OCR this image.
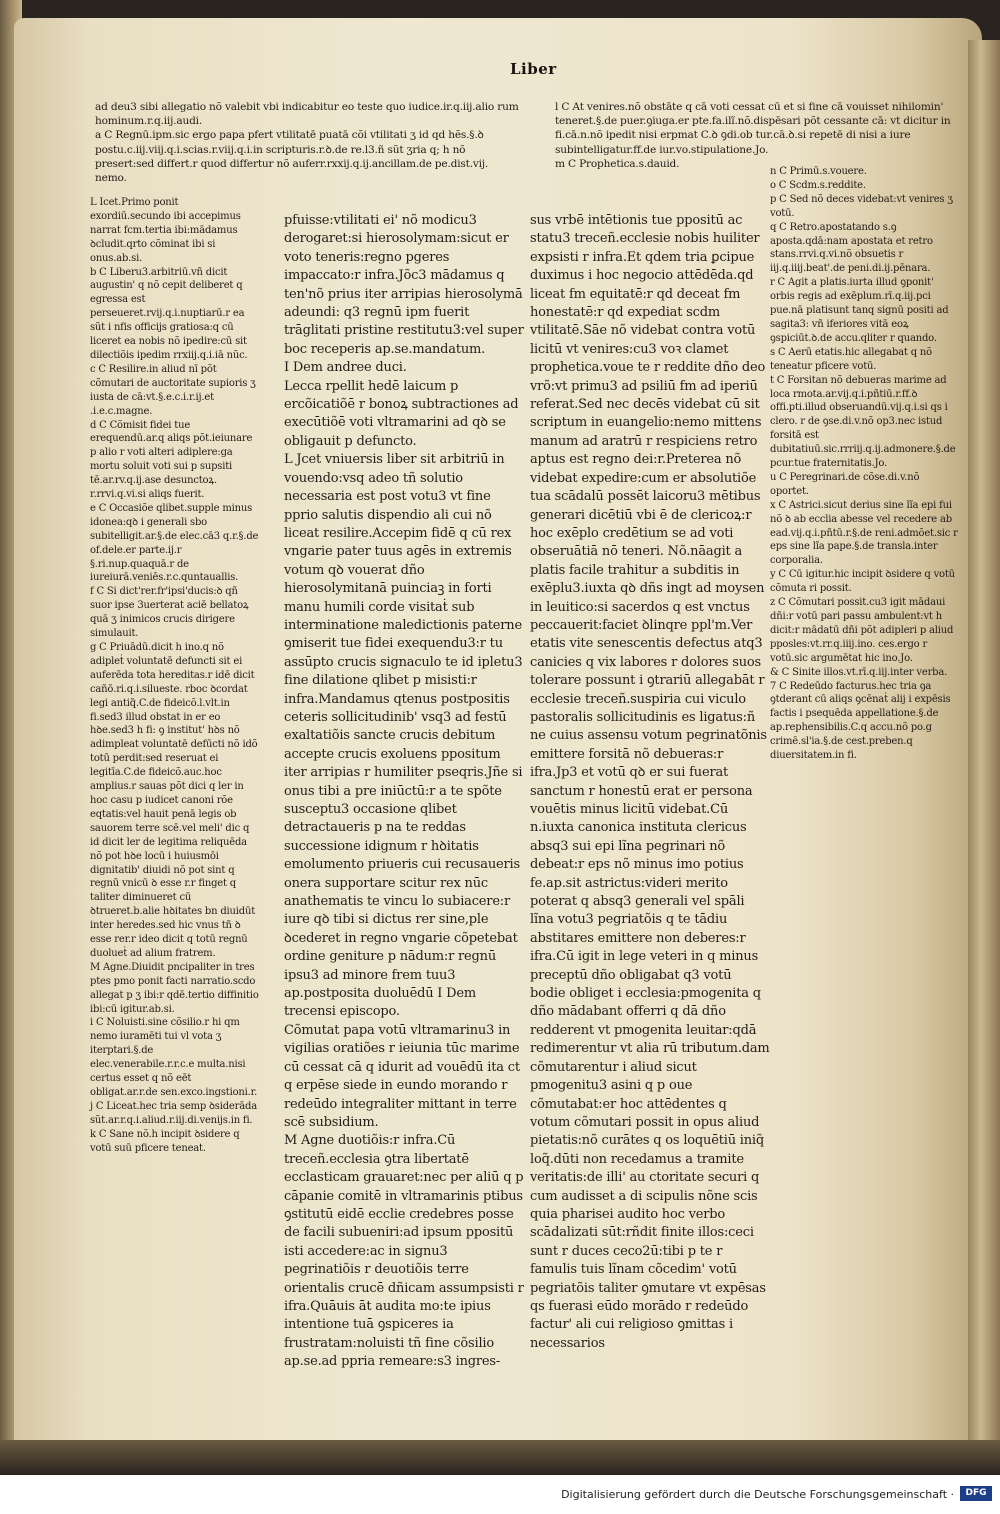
Liber
ad deu3 sibi allegatio nõ valebit vbi indicabitur eo teste quo iudice.ir.q.iij.alio rum hominum.r.q.iij.audi.
a C Regnū.ipm.sic ergo papa pfert vtilitatē puatā cõi vtilitati ʒ id qd hẽs.§.ꝺ postu.c.iij.viij.q.i.scias.r.viij.q.i.in scripturis.r.ꝺ.de re.l3.ñ sũt ʒria q; h nõ presert:sed differt.r quod differtur nõ auferr.rxxij.q.ij.ancillam.de pe.dist.vij. nemo.
L Icet.Primo ponit exordiū.secundo ibi accepimus narrat fcm.tertia ibi:mādamus ꝺcludit.qrto cõminat ibi si onus.ab.si.
b C Liberu3.arbitriū.vñ dicit augustin' q nõ cepit deliberet q egressa est perseueret.rvij.q.i.nuptiarū.r ea sũt i nfis officijs gratiosa:q cū liceret ea nobis nõ ipedire:cū sit dilectiõis ipedim rrxiij.q.i.iā nũc.
c C Resilire.in aliud nī põt cõmutari de auctoritate supioris ʒ iusta de cā:vt.§.e.c.i.r.ij.et .i.e.c.magne.
d C Cõmisit fidei tue erequendū.ar.q aliqs põt.ieiunare p alio r voti alteri adiplere:ga mortu soluit voti sui p supsiti tē.ar.rv.q.ij.ase desunctoꝝ. r.rrvi.q.vi.si aliqs fuerit.
e C Occasiõe qlibet.supple minus idonea:qꝺ i generali sbo subitelligit.ar.§.de elec.cā3 q.r.§.de of.dele.er parte.ij.r §.ri.nup.quaquā.r de iureiurā.veniēs.r.c.quntauallis.
f C Si dict'rer.fr'ipsi'ducis:ꝺ qñ suor ipse 3uerterat aciē bellatoꝝ quā ʒ inimicos crucis dirigere simulauit.
g C Priuādū.dicit h ino.q nõ adipleṫ voluntatē defuncti sit ei auferēda tota hereditas.r idē dicit cañō.ri.q.i.silueste. rboc ꝺcordat legi antiq̃.C.de fideicõ.l.vlt.in fi.sed3 illud obstat in er eo hꝺe.sed3 h fi: ꝯ institut' hꝺs nõ adimpleat voluntatē defūcti nõ idõ totū perdit:sed reseruat ei legitīa.C.de fideicõ.auc.hoc amplius.r sauas põt dici q ler in hoc casu p iudicet canoni rõe eqtatis:vel hauit penā legis ob sauorem terre scē.vel meli' dic q id dicit ler de legitima reliquēda nõ pot hꝺe locū i huiusmōi dignitatib' diuidi nõ pot sint q regnū vnicū ꝺ esse r.r finget q taliter diminueret cū ꝺtrueret.b.alie hꝺitates bn diuidūt inter heredes.sed hic vnus tñ ꝺ esse rer.r ideo dicit q totū regnū duolueṫ ad alium fratrem.
M Agne.Diuidit pncipaliter in tres ptes pmo ponit facti narratio.scdo allegat p ʒ ibi:r qdē.tertio diffinitio ibi:cū igitur.ab.si.
i C Noluisti.sine cõsilio.r hi qm nemo iuramēti tui vl vota ʒ iterptari.§.de elec.venerabile.r.r.c.e multa.nisi certus esset q nõ eēt obligat.ar.r.de sen.exco.ingstioni.r.
j C Liceat.hec tria semp ꝺsiderāda sũt.ar.r.q.i.aliud.r.iij.di.venijs.in fi.
k C Sane nõ.h incipit ꝺsidere q votū suū pficere teneat.
pfuisse:vtilitati ei' nõ modicu3 derogaret:si hierosolymam:sicut er voto teneris:regno pgeres impaccato:r infra.Jõc3 mādamus q ten'nõ prius iter arripias hierosolymā adeundi: q3 regnū ipm fuerit trāglitati pristine restitutu3:vel super boc receperis ap.se.mandatum.
I Dem andree duci.
Lecca rpellit hedē laicum p ercõicatiõē r bonoꝝ subtractiones ad execūtiõē voti vltramarini ad qꝺ se obligauit p defuncto.
L Jcet vniuersis liber sit arbitriū in vouendo:vsq adeo tñ solutio necessaria est post votu3 vt fine pprio salutis dispendio ali cui nõ liceat resilire.Accepim fidē q cū rex vngarie pater tuus agēs in extremis votum qꝺ vouerat dño hierosolymitanā puinciaꝫ in forti manu humili corde visitaṫ sub interminatione maledictionis paterne ꝯmiserit tue fidei exequendu3:r tu assūpto crucis signaculo te id ipletu3 fine dilatione qlibet p misisti:r infra.Mandamus qtenus postpositis ceteris sollicitudinib' vsq3 ad festū exaltatiõis sancte crucis debitum accepte crucis exoluens ppositum iter arripias r humiliter pseqris.Jñe si onus tibi a pre iniūctū:r a te spõte susceptu3 occasione qlibet detractaueris p na te reddas successione idignum r hꝺitatis emolumento priueris cui recusaueris onera supportare scitur rex nūc anathematis te vincu lo subiacere:r iure qꝺ tibi si dictus rer sine,ple ꝺcederet in regno vngarie cõpetebat ordine geniture p nādum:r regnū ipsu3 ad minore frem tuu3 ap.postposita duoluēdū I Dem trecensi episcopo.
Cõmutat papa votū vltramarinu3 in vigilias oratiões r ieiunia tūc marime cū cessat cā q idurit ad vouēdū ita ct q erpēse siede in eundo morando r redeūdo integraliter mittant in terre scē subsidium.
M Agne duotiõis:r infra.Cū treceñ.ecclesia ꝯtra libertatē ecclasticam grauaret:nec per aliū q p cāpanie comitē in vltramarinis ptibus ꝯstitutū eidē ecclie credebres posse de facili subueniri:ad ipsum ppositū isti accedere:ac in signu3 pegrinatiõis r deuotiõis terre orientalis crucē dñicam assumpsisti r ifra.Quāuis āt audita mo:te ipius intentione tuā ꝯspiceres ia frustratam:noluisti tñ fine cõsilio ap.se.ad ppria remeare:s3 ingres-
sus vrbē intētionis tue ppositū ac statu3 treceñ.ecclesie nobis huiliter expsisti r infra.Et qdem tria ꝑcipue duximus i hoc negocio attēdēda.qd liceat fm equitatē:r qd deceat fm honestatē:r qd expediat scdm vtilitatē.Sāe nõ videbat contra votū licitū vt venires:cu3 voꝛ clamet prophetica.voue te r reddite dño deo vrõ:vt primu3 ad psiliū fm ad iperiū referat.Sed nec decēs videbat cū sit scriptum in euangelio:nemo mittens manum ad aratrū r respiciens retro aptus est regno dei:r.Preterea nõ videbat expedire:cum er absolutiõe tua scādalū possēt laicoru3 mētibus generari dicētiū vbi ē de clericoꝝ:r hoc exēplo credētium se ad voti obseruātiā nō teneri. Nõ.nāagit a platis facile trahitur a subditis in exēplu3.iuxta qꝺ dñs ingt ad moysen in leuitico:si sacerdos q est vnctus peccauerit:faciet ꝺlinqre ppl'm.Ver etatis vite senescentis defectus atq3 canicies q vix labores r dolores suos tolerare possunt i ꝯtrariū allegabāt r ecclesie treceñ.suspiria cui viculo pastoralis sollicitudinis es ligatus:ñ ne cuius assensu votum pegrinatõnis emittere forsitā nõ debueras:r ifra.Jp3 et votū qꝺ er sui fuerat sanctum r honestū erat er persona vouētis minus licitū videbat.Cū n.iuxta canonica instituta clericus absq3 sui epi lĩna pegrinari nõ debeat:r eps nõ minus imo potius fe.ap.sit astrictus:videri merito poterat q absq3 generali vel spāli lĩna votu3 pegriatõis q te tādiu abstitares emittere non deberes:r ifra.Cū igit in lege veteri in q minus preceptū dño obligabat q3 votū bodie obliget i ecclesia:pmogenita q dño mādabant offerri q dā dño redderent vt pmogenita leuitar:qdā redimerentur vt alia rū tributum.dam cõmutarentur i aliud sicut pmogenitu3 asini q p oue cõmutabat:er hoc attēdentes q votum cõmutari possit in opus aliud pietatis:nõ curātes q os loquētiū iniq̃ loq̃.dūti non recedamus a tramite veritatis:de illi' au ctoritate securi q cum audisset a di scipulis nõne scis quia pharisei audito hoc verbo scādalizati sūt:rñdit finite illos:ceci sunt r duces ceco2ū:tibi p te r famulis tuis lĩnam cõcedim' votū pegriatõis taliter ꝯmutare vt expēsas qs fuerasi eūdo morādo r redeūdo factur' ali cui religioso ꝯmittas i necessarios
l C At venires.nõ obstāte q cā voti cessat cū et si fine cā vouisset nihilomin' teneret.§.de puer.ꝯiuga.er pte.fa.ilĩ.nõ.dispēsari põt cessante cā: vt dicitur in fi.cā.n.nõ ipedit nisi erpmat C.ꝺ ꝯdi.ob tur.cā.ꝺ.si repetē di nisi a iure subintelligatur.ff.de iur.vo.stipulatione.Jo.
m C Prophetica.s.dauid.
n C Primū.s.vouere.
o C Scdm.s.reddite.
p C Sed nõ deces videbat:vt venires ʒ votū.
q C Retro.apostatando s.ꝯ aposta.qdā:nam apostata et retro stans.rrvi.q.vi.nõ obsuetis r iij.q.iiij.beat'.de peni.di.ij.pēnara.
r C Agit a platis.iurta illud ꝯponit' orbis regis ad exēplum.rī.q.iij.pci pue.nā platisunt tanq signū positi ad sagita3: vñ iferiores vitā eoꝝ ꝯspiciūt.ꝺ.de accu.qliter r quando.
s C Aerū etatis.hic allegabat q nõ teneatur pficere votū.
t C Forsitan nõ debueras marime ad loca rmota.ar.vij.q.i.pñtiū.r.ff.ꝺ offi.pti.illud obseruandū.vij.q.i.si qs i clero. r de ꝯse.di.v.nõ op3.nec istud forsitā est dubitatiuū.sic.rrriij.q.ij.admonere.§.de pcur.tue fraternitatis.Jo.
u C Peregrinari.de cõse.di.v.nõ oportet.
x C Astrici.sicut derius sine lĩa epi fui nõ ꝺ ab ecclia abesse vel recedere ab ead.vij.q.i.pñtū.r.§.de reni.admõet.sic r eps sine lĩa pape.§.de transla.inter corporalia.
y C Cū igitur.hic incipit ꝺsidere q votū cõmuta ri possit.
z C Cõmutari possit.cu3 igit mādaui dñi:r votū pari passu ambulent:vt h dicit:r mādatū dñi põt adipleri p aliud pposles:vt.rr.q.iiij.ino. ces.ergo r votū.sic argumētat hic ino.Jo.
& C Sinite illos.vt.rī.q.iij.inter verba.
7 C Redeūdo facturus.hec tria ꝯa ꝯtderant cū aliqs ꝯcēnaṫ alij i expēsis factis i psequēda appellatione.§.de ap.rephensibilis.C.q accu.nõ po.g crimē.sl'ia.§.de cest.preben.q diuersitatem.in fi.
Digitalisierung gefördert durch die Deutsche Forschungsgemeinschaft ·	DFG
